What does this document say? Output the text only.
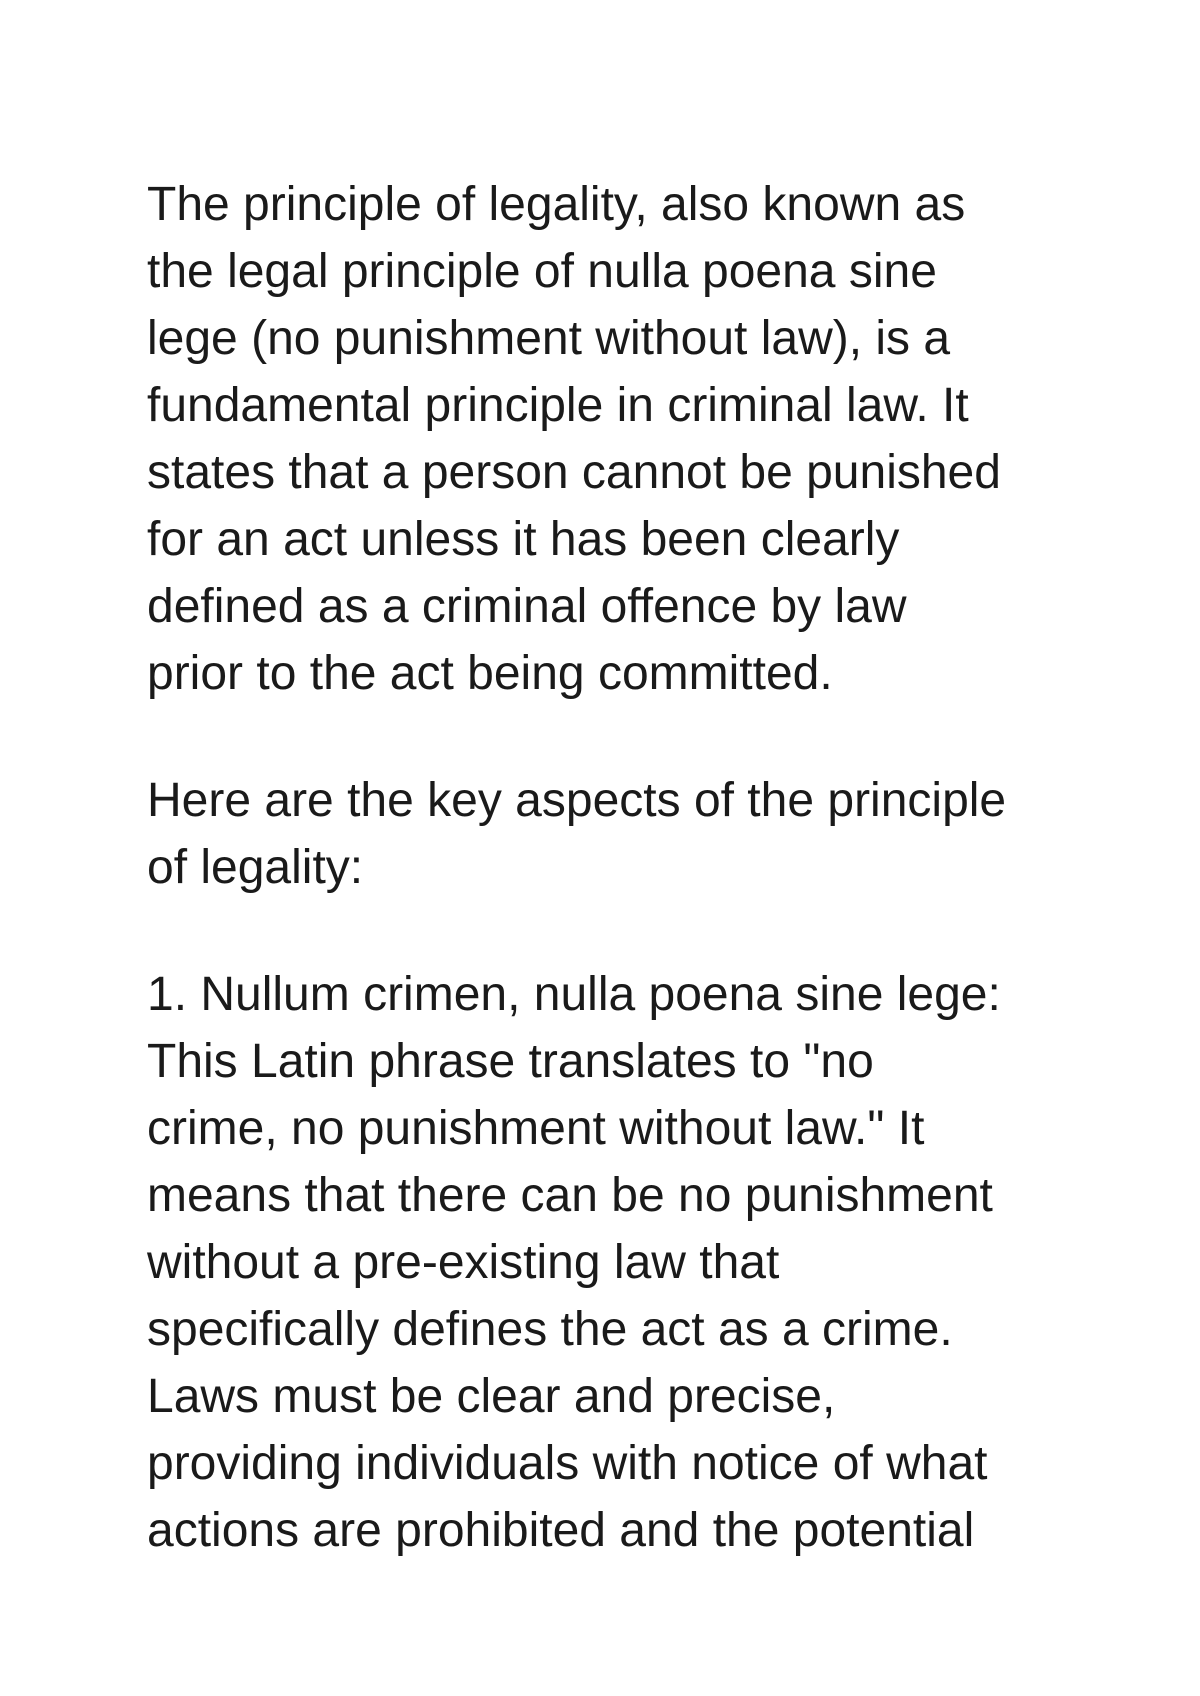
The principle of legality, also known as
the legal principle of nulla poena sine
lege (no punishment without law), is a
fundamental principle in criminal law. It
states that a person cannot be punished
for an act unless it has been clearly
defined as a criminal offence by law
prior to the act being committed.
Here are the key aspects of the principle
of legality:
1. Nullum crimen, nulla poena sine lege:
This Latin phrase translates to "no
crime, no punishment without law." It
means that there can be no punishment
without a pre-existing law that
specifically defines the act as a crime.
Laws must be clear and precise,
providing individuals with notice of what
actions are prohibited and the potential
